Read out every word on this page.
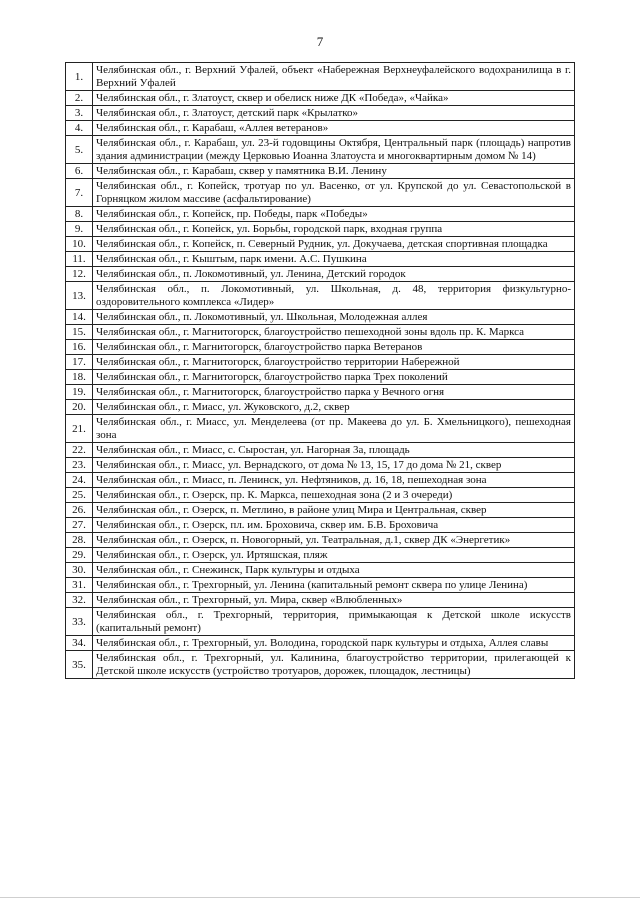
7
1.	Челябинская обл., г. Верхний Уфалей, объект «Набережная Верхнеуфалейского водохранилища в г. Верхний Уфалей
2.	Челябинская обл., г. Златоуст, сквер и обелиск ниже ДК «Победа», «Чайка»
3.	Челябинская обл., г. Златоуст, детский парк «Крылатко»
4.	Челябинская обл., г. Карабаш, «Аллея ветеранов»
5.	Челябинская обл., г. Карабаш, ул. 23-й годовщины Октября, Центральный парк (площадь) напротив здания администрации (между Церковью Иоанна Златоуста и многоквартирным домом № 14)
6.	Челябинская обл., г. Карабаш, сквер у памятника В.И. Ленину
7.	Челябинская обл., г. Копейск, тротуар по ул. Васенко, от ул. Крупской до ул. Севастопольской в Горняцком жилом массиве (асфальтирование)
8.	Челябинская обл., г. Копейск, пр. Победы, парк «Победы»
9.	Челябинская обл., г. Копейск, ул. Борьбы, городской парк, входная группа
10.	Челябинская обл., г. Копейск, п. Северный Рудник, ул. Докучаева, детская спортивная площадка
11.	Челябинская обл., г. Кыштым, парк имени. А.С. Пушкина
12.	Челябинская обл., п. Локомотивный, ул. Ленина, Детский городок
13.	Челябинская обл., п. Локомотивный, ул. Школьная, д. 48, территория физкультурно-оздоровительного комплекса «Лидер»
14.	Челябинская обл., п. Локомотивный, ул. Школьная, Молодежная аллея
15.	Челябинская обл., г. Магнитогорск, благоустройство пешеходной зоны вдоль пр. К. Маркса
16.	Челябинская обл., г. Магнитогорск, благоустройство парка Ветеранов
17.	Челябинская обл., г. Магнитогорск, благоустройство территории Набережной
18.	Челябинская обл., г. Магнитогорск, благоустройство парка Трех поколений
19.	Челябинская обл., г. Магнитогорск, благоустройство парка у Вечного огня
20.	Челябинская обл., г. Миасс, ул. Жуковского, д.2, сквер
21.	Челябинская обл., г. Миасс, ул. Менделеева (от пр. Макеева до ул. Б. Хмельницкого), пешеходная зона
22.	Челябинская обл., г. Миасс, с. Сыростан, ул. Нагорная 3а, площадь
23.	Челябинская обл., г. Миасс, ул. Вернадского, от дома № 13, 15, 17 до дома № 21, сквер
24.	Челябинская обл., г. Миасс, п. Ленинск, ул. Нефтяников, д. 16, 18, пешеходная зона
25.	Челябинская обл., г. Озерск, пр. К. Маркса, пешеходная зона (2 и 3 очереди)
26.	Челябинская обл., г. Озерск, п. Метлино, в районе улиц Мира и Центральная, сквер
27.	Челябинская обл., г. Озерск, пл. им. Броховича, сквер им. Б.В. Броховича
28.	Челябинская обл., г. Озерск, п. Новогорный, ул. Театральная, д.1, сквер ДК «Энергетик»
29.	Челябинская обл., г. Озерск, ул. Иртяшская, пляж
30.	Челябинская обл., г. Снежинск, Парк культуры и отдыха
31.	Челябинская обл., г. Трехгорный, ул. Ленина (капитальный ремонт сквера по улице Ленина)
32.	Челябинская обл., г. Трехгорный, ул. Мира, сквер «Влюбленных»
33.	Челябинская обл., г. Трехгорный, территория, примыкающая к Детской школе искусств (капитальный ремонт)
34.	Челябинская обл., г. Трехгорный, ул. Володина, городской парк культуры и отдыха, Аллея славы
35.	Челябинская обл., г. Трехгорный, ул. Калинина, благоустройство территории, прилегающей к Детской школе искусств (устройство тротуаров, дорожек, площадок, лестницы)
